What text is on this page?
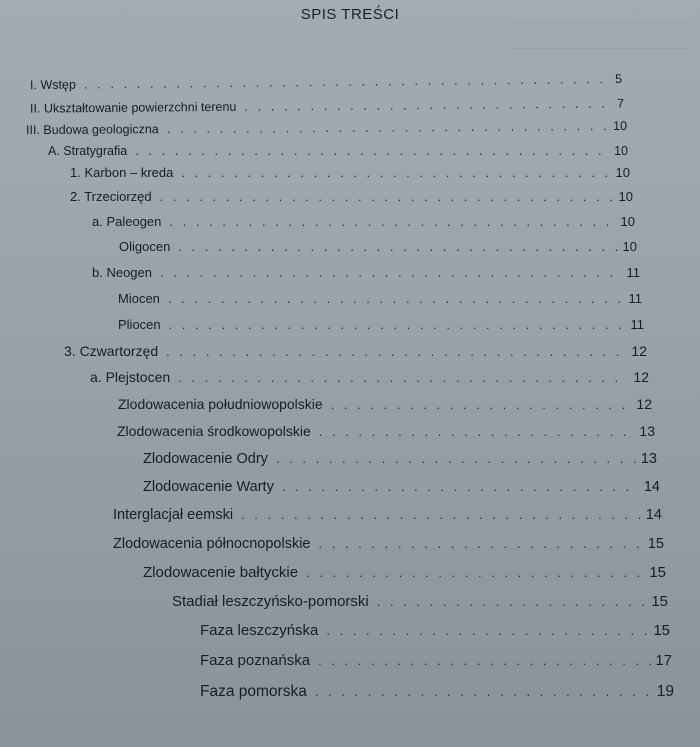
SPIS TREŚCI
I. Wstęp . . .	5
II. Ukształtowanie powierzchni terenu . . .	7
III. Budowa geologiczna . . .	10
A. Stratygrafia . . .	10
1. Karbon – kreda . . .	10
2. Trzeciorzęd . . .	10
a. Paleogen . . .	10
Oligocen . . .	10
b. Neogen . . .	11
Miocen . . .	11
Pliocen . . .	11
3. Czwartorzęd . . .	12
a. Plejstocen . . .	12
Zlodowacenia południowopolskie . . .	12
Zlodowacenia środkowopolskie . . .	13
Zlodowacenie Odry . . .	13
Zlodowacenie Warty . . .	14
Interglacjał eemski . . .	14
Zlodowacenia północnopolskie . . .	15
Zlodowacenie bałtyckie . . .	15
Stadiał leszczyńsko-pomorski . . .	15
Faza leszczyńska . . .	15
Faza poznańska . . .	17
Faza pomorska . . .	19
